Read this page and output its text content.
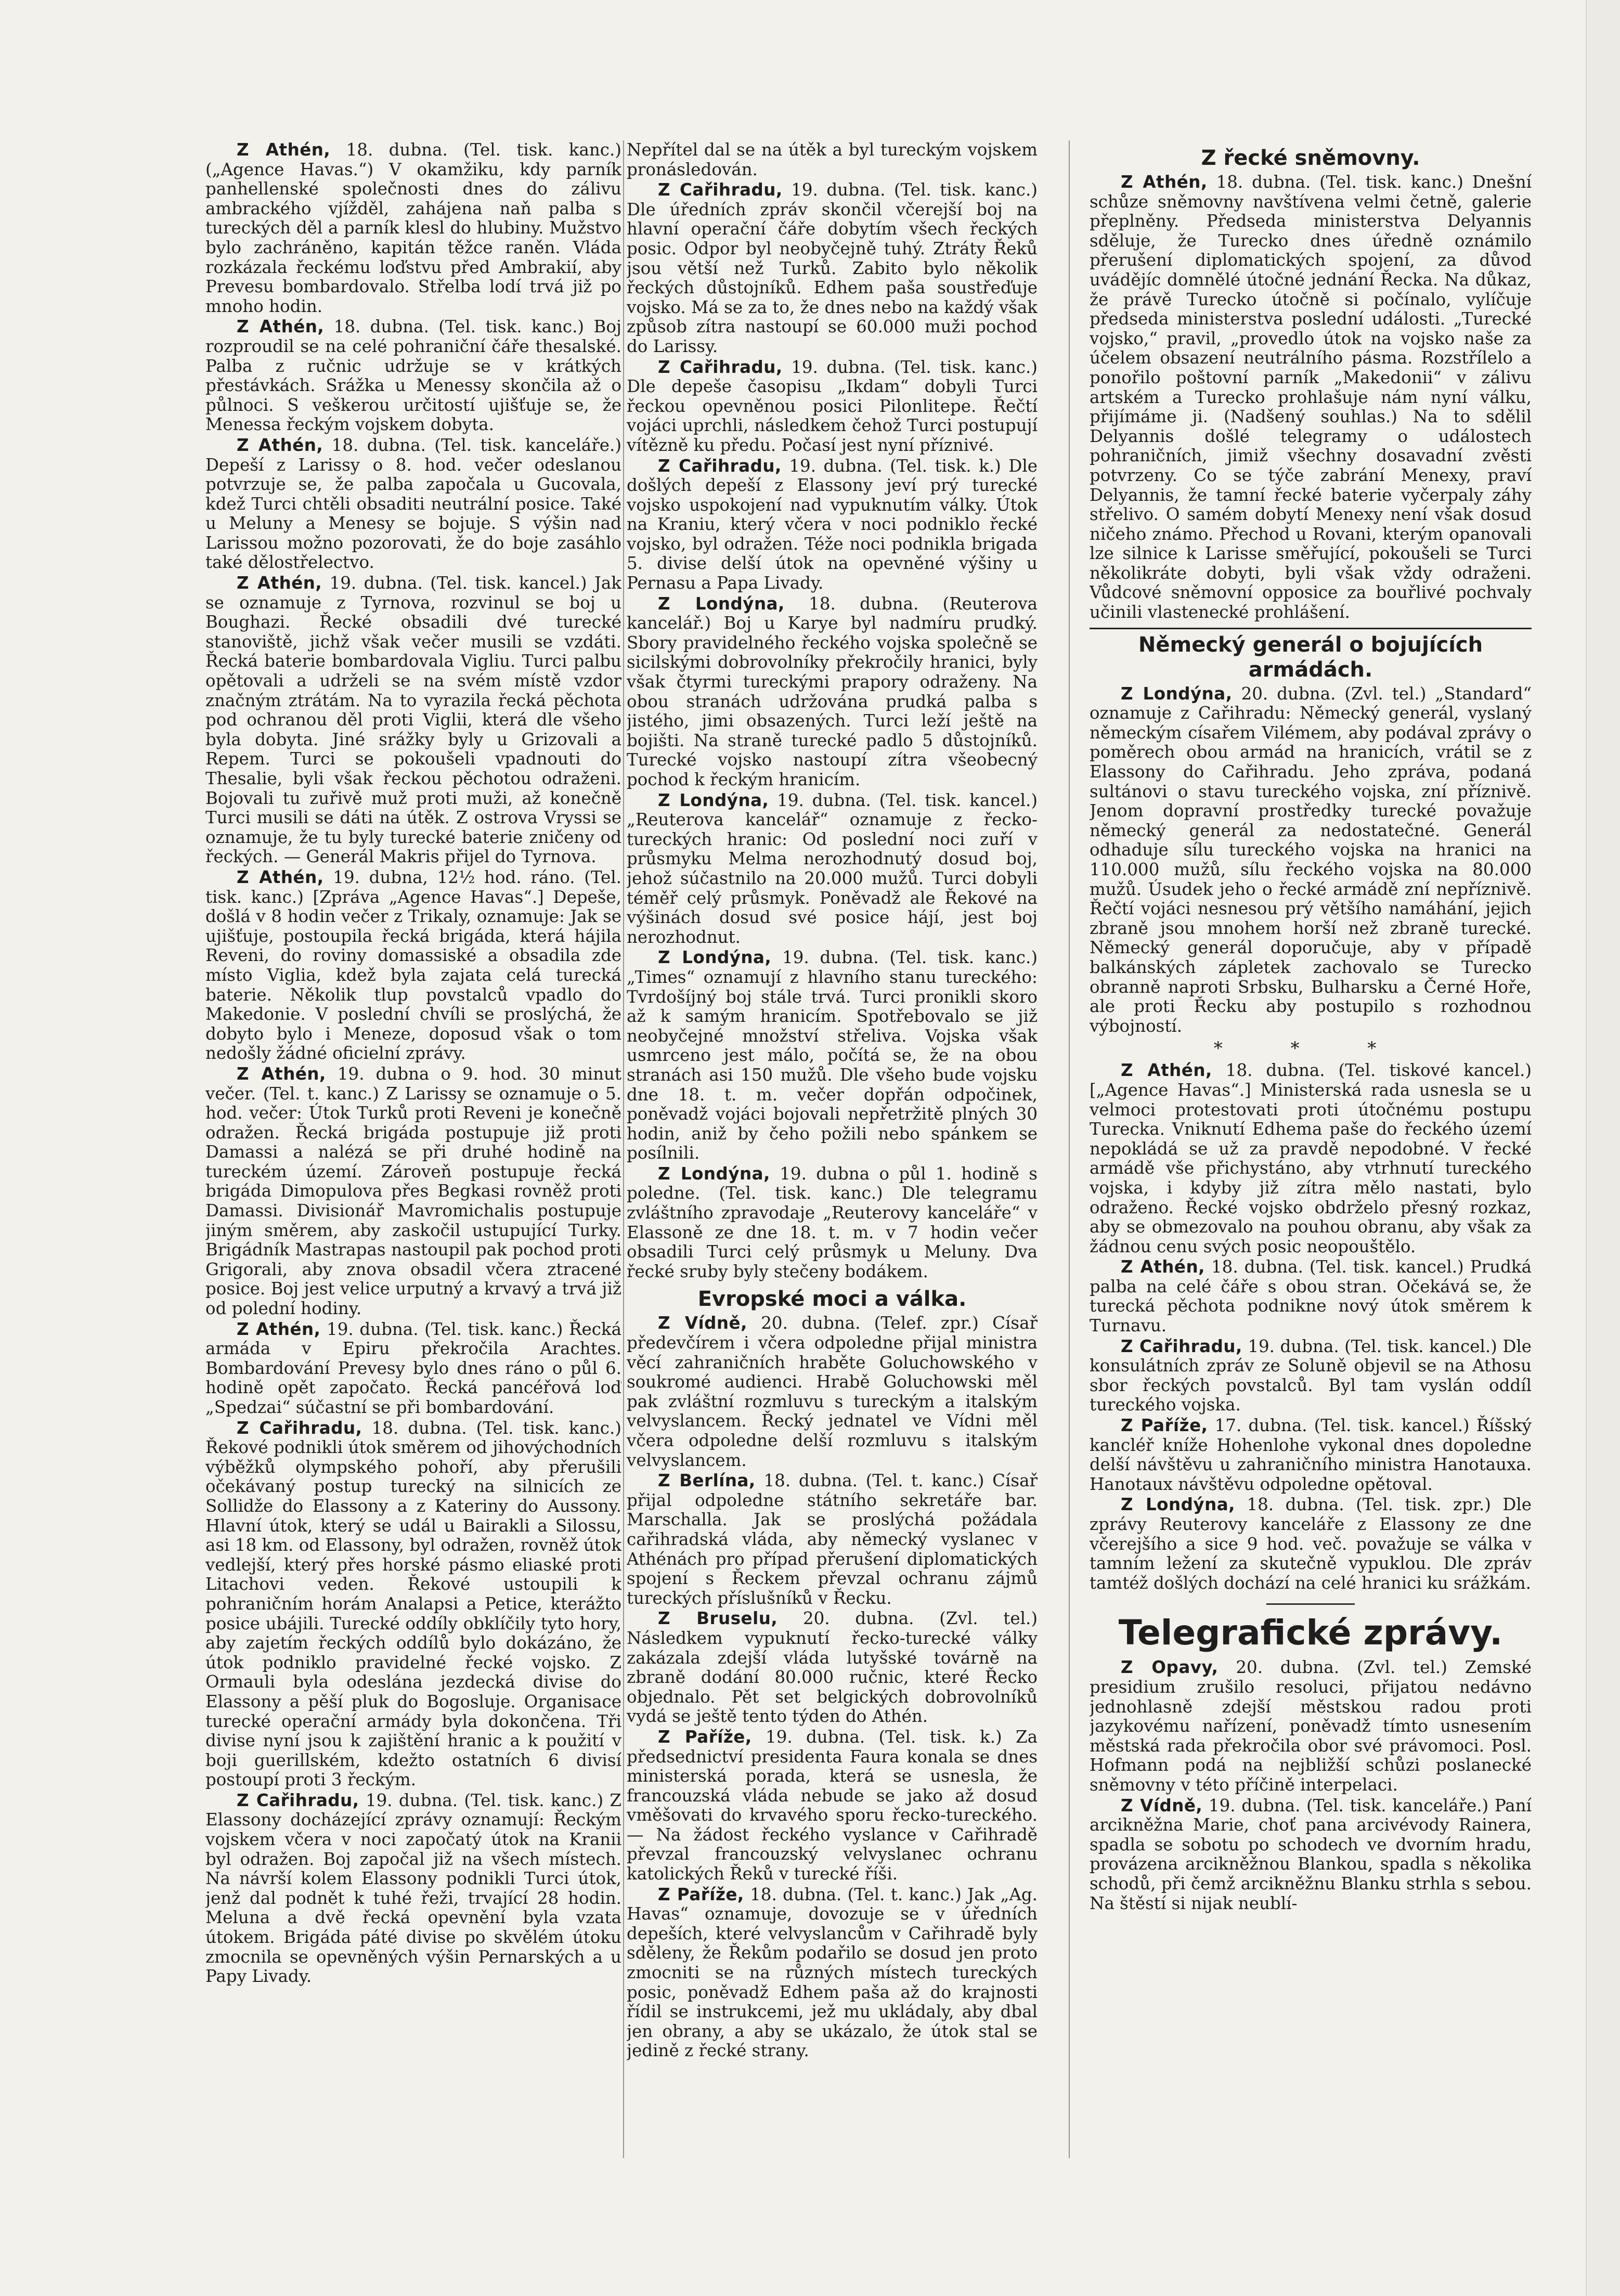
Z Athén, 18. dubna. (Tel. tisk. kanc.) („Agence Havas.“) V okamžiku, kdy parník panhellenské společnosti dnes do zálivu ambrackého vjížděl, zahájena naň palba s tureckých děl a parník klesl do hlubiny. Mužstvo bylo zachráněno, kapitán těžce raněn. Vláda rozkázala řeckému loďstvu před Ambrakií, aby Prevesu bombardovalo. Střelba lodí trvá již po mnoho hodin.

Z Athén, 18. dubna. (Tel. tisk. kanc.) Boj rozproudil se na celé pohraniční čáře thesalské. Palba z ručnic udržuje se v krátkých přestávkách. Srážka u Menessy skončila až o půlnoci. S veškerou určitostí ujišťuje se, že Menessa řeckým vojskem dobyta.

Z Athén, 18. dubna. (Tel. tisk. kanceláře.) Depeší z Larissy o 8. hod. večer odeslanou potvrzuje se, že palba započala u Gucovala, kdež Turci chtěli obsaditi neutrální posice. Také u Meluny a Menesy se bojuje. S výšin nad Larissou možno pozorovati, že do boje zasáhlo také dělostřelectvo.

Z Athén, 19. dubna. (Tel. tisk. kancel.) Jak se oznamuje z Tyrnova, rozvinul se boj u Boughazi. Řecké obsadili dvé turecké stanoviště, jichž však večer musili se vzdáti. Řecká baterie bombardovala Vigliu. Turci palbu opětovali a udrželi se na svém místě vzdor značným ztrátám. Na to vyrazila řecká pěchota pod ochranou děl proti Viglii, která dle všeho byla dobyta. Jiné srážky byly u Grizovali a Repem. Turci se pokoušeli vpadnouti do Thesalie, byli však řeckou pěchotou odraženi. Bojovali tu zuřivě muž proti muži, až konečně Turci musili se dáti na útěk. Z ostrova Vryssi se oznamuje, že tu byly turecké baterie zničeny od řeckých. — Generál Makris přijel do Tyrnova.

Z Athén, 19. dubna, 12½ hod. ráno. (Tel. tisk. kanc.) [Zpráva „Agence Havas“.] Depeše, došlá v 8 hodin večer z Trikaly, oznamuje: Jak se ujišťuje, postoupila řecká brigáda, která hájila Reveni, do roviny domassiské a obsadila zde místo Viglia, kdež byla zajata celá turecká baterie. Několik tlup povstalců vpadlo do Makedonie. V poslední chvíli se proslýchá, že dobyto bylo i Meneze, doposud však o tom nedošly žádné oficielní zprávy.

Z Athén, 19. dubna o 9. hod. 30 minut večer. (Tel. t. kanc.) Z Larissy se oznamuje o 5. hod. večer: Útok Turků proti Reveni je konečně odražen. Řecká brigáda postupuje již proti Damassi a nalézá se při druhé hodině na tureckém území. Zároveň postupuje řecká brigáda Dimopulova přes Begkasi rovněž proti Damassi. Divisionář Mavromichalis postupuje jiným směrem, aby zaskočil ustupující Turky. Brigádník Mastrapas nastoupil pak pochod proti Grigorali, aby znova obsadil včera ztracené posice. Boj jest velice urputný a krvavý a trvá již od polední hodiny.

Z Athén, 19. dubna. (Tel. tisk. kanc.) Řecká armáda v Epiru překročila Arachtes. Bombardování Prevesy bylo dnes ráno o půl 6. hodině opět započato. Řecká pancéřová loď „Spedzai“ súčastní se při bombardování.

Z Cařihradu, 18. dubna. (Tel. tisk. kanc.) Řekové podnikli útok směrem od jihovýchodních výběžků olympského pohoří, aby přerušili očekávaný postup turecký na silnicích ze Sollidže do Elassony a z Kateriny do Aussony. Hlavní útok, který se udál u Bairakli a Silossu, asi 18 km. od Elassony, byl odražen, rovněž útok vedlejší, který přes horské pásmo eliaské proti Litachovi veden. Řekové ustoupili k pohraničním horám Analapsi a Petice, kterážto posice ubájili. Turecké oddíly obklíčily tyto hory, aby zajetím řeckých oddílů bylo dokázáno, že útok podniklo pravidelné řecké vojsko. Z Ormauli byla odeslána jezdecká divise do Elassony a pěší pluk do Bogosluje. Organisace turecké operační armády byla dokončena. Tři divise nyní jsou k zajištění hranic a k použití v boji guerillském, kdežto ostatních 6 divisí postoupí proti 3 řeckým.

Z Cařihradu, 19. dubna. (Tel. tisk. kanc.) Z Elassony docházející zprávy oznamují: Řeckým vojskem včera v noci započatý útok na Kranii byl odražen. Boj započal již na všech místech. Na návrší kolem Elassony podnikli Turci útok, jenž dal podnět k tuhé řeži, trvající 28 hodin. Meluna a dvě řecká opevnění byla vzata útokem. Brigáda páté divise po skvělém útoku zmocnila se opevněných výšin Pernarských a u Papy Livady.

Nepřítel dal se na útěk a byl tureckým vojskem pronásledován.

Z Cařihradu, 19. dubna. (Tel. tisk. kanc.) Dle úředních zpráv skončil včerejší boj na hlavní operační čáře dobytím všech řeckých posic. Odpor byl neobyčejně tuhý. Ztráty Řeků jsou větší než Turků. Zabito bylo několik řeckých důstojníků. Edhem paša soustřeďuje vojsko. Má se za to, že dnes nebo na každý však způsob zítra nastoupí se 60.000 muži pochod do Larissy.

Z Cařihradu, 19. dubna. (Tel. tisk. kanc.) Dle depeše časopisu „Ikdam“ dobyli Turci řeckou opevněnou posici Pilonlitepe. Řečtí vojáci uprchli, následkem čehož Turci postupují vítězně ku předu. Počasí jest nyní příznivé.

Z Cařihradu, 19. dubna. (Tel. tisk. k.) Dle došlých depeší z Elassony jeví prý turecké vojsko uspokojení nad vypuknutím války. Útok na Kraniu, který včera v noci podniklo řecké vojsko, byl odražen. Téže noci podnikla brigada 5. divise delší útok na opevněné výšiny u Pernasu a Papa Livady.

Z Londýna, 18. dubna. (Reuterova kancelář.) Boj u Karye byl nadmíru prudký. Sbory pravidelného řeckého vojska společně se sicilskými dobrovolníky překročily hranici, byly však čtyrmi tureckými prapory odraženy. Na obou stranách udržována prudká palba s jistého, jimi obsazených. Turci leží ještě na bojišti. Na straně turecké padlo 5 důstojníků. Turecké vojsko nastoupí zítra všeobecný pochod k řeckým hranicím.

Z Londýna, 19. dubna. (Tel. tisk. kancel.) „Reuterova kancelář“ oznamuje z řecko-tureckých hranic: Od poslední noci zuří v průsmyku Melma nerozhodnutý dosud boj, jehož súčastnilo na 20.000 mužů. Turci dobyli téměř celý průsmyk. Poněvadž ale Řekové na výšinách dosud své posice hájí, jest boj nerozhodnut.

Z Londýna, 19. dubna. (Tel. tisk. kanc.) „Times“ oznamují z hlavního stanu tureckého: Tvrdošíjný boj stále trvá. Turci pronikli skoro až k samým hranicím. Spotřebovalo se již neobyčejné množství střeliva. Vojska však usmrceno jest málo, počítá se, že na obou stranách asi 150 mužů. Dle všeho bude vojsku dne 18. t. m. večer dopřán odpočinek, poněvadž vojáci bojovali nepřetržitě plných 30 hodin, aniž by čeho požili nebo spánkem se posílnili.

Z Londýna, 19. dubna o půl 1. hodině s poledne. (Tel. tisk. kanc.) Dle telegramu zvláštního zpravodaje „Reuterovy kanceláře“ v Elassoně ze dne 18. t. m. v 7 hodin večer obsadili Turci celý průsmyk u Meluny. Dva řecké sruby byly stečeny bodákem.

Evropské moci a válka.

Z Vídně, 20. dubna. (Telef. zpr.) Císař předevčírem i včera odpoledne přijal ministra věcí zahraničních hraběte Goluchowského v soukromé audienci. Hrabě Goluchowski měl pak zvláštní rozmluvu s tureckým a italským velvyslancem. Řecký jednatel ve Vídni měl včera odpoledne delší rozmluvu s italským velvyslancem.

Z Berlína, 18. dubna. (Tel. t. kanc.) Císař přijal odpoledne státního sekretáře bar. Marschalla. Jak se proslýchá požádala cařihradská vláda, aby německý vyslanec v Athénách pro případ přerušení diplomatických spojení s Řeckem převzal ochranu zájmů tureckých příslušníků v Řecku.

Z Bruselu, 20. dubna. (Zvl. tel.) Následkem vypuknutí řecko-turecké války zakázala zdejší vláda lutyšské továrně na zbraně dodání 80.000 ručnic, které Řecko objednalo. Pět set belgických dobrovolníků vydá se ještě tento týden do Athén.

Z Paříže, 19. dubna. (Tel. tisk. k.) Za předsednictví presidenta Faura konala se dnes ministerská porada, která se usnesla, že francouzská vláda nebude se jako až dosud vměšovati do krvavého sporu řecko-tureckého. — Na žádost řeckého vyslance v Cařihradě převzal francouzský velvyslanec ochranu katolických Řeků v turecké říši.

Z Paříže, 18. dubna. (Tel. t. kanc.) Jak „Ag. Havas“ oznamuje, dovozuje se v úředních depeších, které velvyslancům v Cařihradě byly sděleny, že Řekům podařilo se dosud jen proto zmocniti se na různých místech tureckých posic, poněvadž Edhem paša až do krajnosti řídil se instrukcemi, jež mu ukládaly, aby dbal jen obrany, a aby se ukázalo, že útok stal se jedině z řecké strany.

Z řecké sněmovny.

Z Athén, 18. dubna. (Tel. tisk. kanc.) Dnešní schůze sněmovny navštívena velmi četně, galerie přeplněny. Předseda ministerstva Delyannis sděluje, že Turecko dnes úředně oznámilo přerušení diplomatických spojení, za důvod uvádějíc domnělé útočné jednání Řecka. Na důkaz, že právě Turecko útočně si počínalo, vylíčuje předseda ministerstva poslední události. „Turecké vojsko,“ pravil, „provedlo útok na vojsko naše za účelem obsazení neutrálního pásma. Rozstřílelo a ponořilo poštovní parník „Makedonii“ v zálivu artském a Turecko prohlašuje nám nyní válku, přijímáme ji. (Nadšený souhlas.) Na to sdělil Delyannis došlé telegramy o událostech pohraničních, jimiž všechny dosavadní zvěsti potvrzeny. Co se týče zabrání Menexy, praví Delyannis, že tamní řecké baterie vyčerpaly záhy střelivo. O samém dobytí Menexy není však dosud ničeho známo. Přechod u Rovani, kterým opanovali lze silnice k Larisse směřující, pokoušeli se Turci několikráte dobyti, byli však vždy odraženi. Vůdcové sněmovní opposice za bouřlivé pochvaly učinili vlastenecké prohlášení.

Německý generál o bojujících armádách.

Z Londýna, 20. dubna. (Zvl. tel.) „Standard“ oznamuje z Cařihradu: Německý generál, vyslaný německým císařem Vilémem, aby podával zprávy o poměrech obou armád na hranicích, vrátil se z Elassony do Cařihradu. Jeho zpráva, podaná sultánovi o stavu tureckého vojska, zní příznivě. Jenom dopravní prostředky turecké považuje německý generál za nedostatečné. Generál odhaduje sílu tureckého vojska na hranici na 110.000 mužů, sílu řeckého vojska na 80.000 mužů. Úsudek jeho o řecké armádě zní nepříznivě. Řečtí vojáci nesnesou prý většího namáhání, jejich zbraně jsou mnohem horší než zbraně turecké. Německý generál doporučuje, aby v případě balkánských zápletek zachovalo se Turecko obranně naproti Srbsku, Bulharsku a Černé Hoře, ale proti Řecku aby postupilo s rozhodnou výbojností.

* * *

Z Athén, 18. dubna. (Tel. tiskové kancel.) [„Agence Havas“.] Ministerská rada usnesla se u velmoci protestovati proti útočnému postupu Turecka. Vniknutí Edhema paše do řeckého území nepokládá se už za pravdě nepodobné. V řecké armádě vše přichystáno, aby vtrhnutí tureckého vojska, i kdyby již zítra mělo nastati, bylo odraženo. Řecké vojsko obdrželo přesný rozkaz, aby se obmezovalo na pouhou obranu, aby však za žádnou cenu svých posic neopouštělo.

Z Athén, 18. dubna. (Tel. tisk. kancel.) Prudká palba na celé čáře s obou stran. Očekává se, že turecká pěchota podnikne nový útok směrem k Turnavu.

Z Cařihradu, 19. dubna. (Tel. tisk. kancel.) Dle konsulátních zpráv ze Soluně objevil se na Athosu sbor řeckých povstalců. Byl tam vyslán oddíl tureckého vojska.

Z Paříže, 17. dubna. (Tel. tisk. kancel.) Říšský kancléř kníže Hohenlohe vykonal dnes dopoledne delší návštěvu u zahraničního ministra Hanotauxa. Hanotaux návštěvu odpoledne opětoval.

Z Londýna, 18. dubna. (Tel. tisk. zpr.) Dle zprávy Reuterovy kanceláře z Elassony ze dne včerejšího a sice 9 hod. več. považuje se válka v tamním ležení za skutečně vypuklou. Dle zpráv tamtéž došlých dochází na celé hranici ku srážkám.

Telegrafické zprávy.

Z Opavy, 20. dubna. (Zvl. tel.) Zemské presidium zrušilo resoluci, přijatou nedávno jednohlasně zdejší městskou radou proti jazykovému nařízení, poněvadž tímto usnesením městská rada překročila obor své právomoci. Posl. Hofmann podá na nejbližší schůzi poslanecké sněmovny v této příčině interpelaci.

Z Vídně, 19. dubna. (Tel. tisk. kanceláře.) Paní arcikněžna Marie, choť pana arcivévody Rainera, spadla se sobotu po schodech ve dvorním hradu, provázena arcikněžnou Blankou, spadla s několika schodů, při čemž arcikněžnu Blanku strhla s sebou. Na štěstí si nijak neublí-
